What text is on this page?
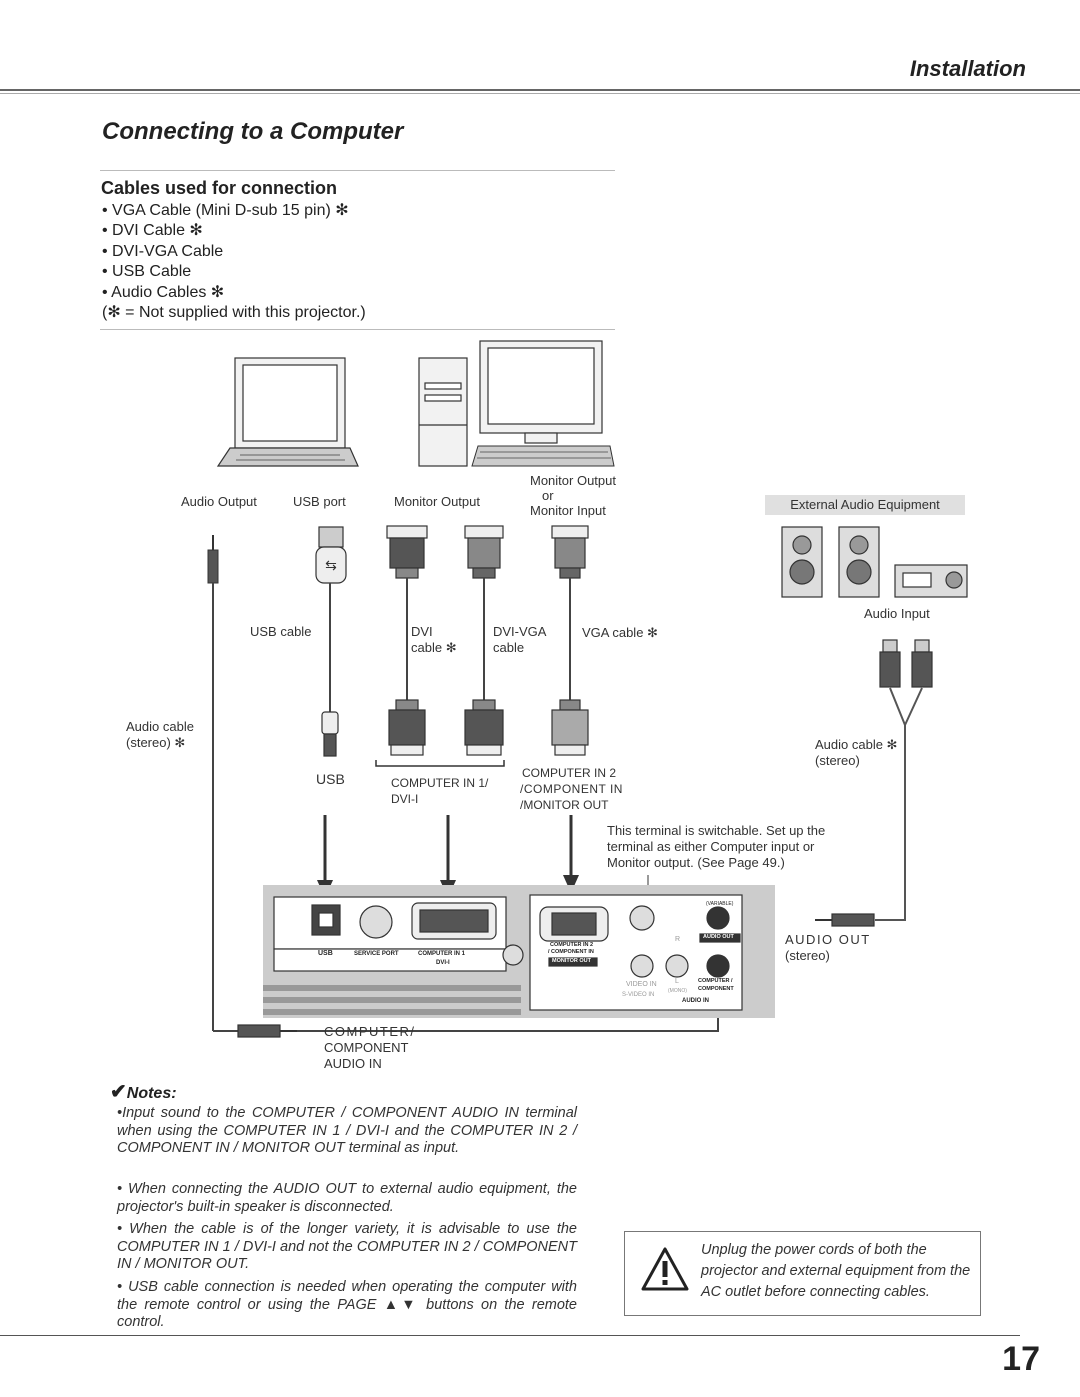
Installation
Connecting to a Computer
Cables used for connection
• VGA Cable (Mini D-sub 15 pin) ✻
• DVI Cable ✻
• DVI-VGA Cable
• USB Cable
• Audio Cables ✻
(✻ = Not supplied with this projector.)
⇆
Audio Output	USB port	Monitor Output
Monitor Output
or
Monitor Input	External Audio Equipment
Audio Input
USB cable	DVI
cable ✻
DVI-VGA
cable
VGA cable ✻
Audio cable
(stereo) ✻	Audio cable ✻
(stereo)
USB	COMPUTER IN 1/
DVI-I
COMPUTER IN 2
/COMPONENT IN
/MONITOR OUT
This terminal is switchable. Set up the
terminal as either Computer input or
Monitor output. (See Page 49.)
AUDIO OUT
(stereo)
COMPUTER/
COMPONENT
AUDIO IN
USB	SERVICE PORT	COMPUTER IN 1
DVI-I
COMPUTER IN 2
/ COMPONENT IN
MONITOR OUT
(VARIABLE)
AUDIO OUT
R
L
(MONO)
VIDEO IN
S-VIDEO IN
COMPUTER /
COMPONENT
AUDIO IN
✔Notes:
•Input sound to the COMPUTER / COMPONENT AUDIO IN terminal when using the COMPUTER IN 1 / DVI-I and the COMPUTER IN 2 / COMPONENT IN / MONITOR OUT terminal as input.
• When connecting the AUDIO OUT to external audio equipment, the projector's built-in speaker is disconnected.
• When the cable is of the longer variety, it is advisable to use the COMPUTER IN 1 / DVI-I and not the COMPUTER IN 2 / COMPONENT IN / MONITOR OUT.
• USB cable connection is needed when operating the computer with the remote control or using the PAGE ▲▼ buttons on the remote control.
Unplug the power cords of both the projector and external equipment from the AC outlet before connecting cables.
17
